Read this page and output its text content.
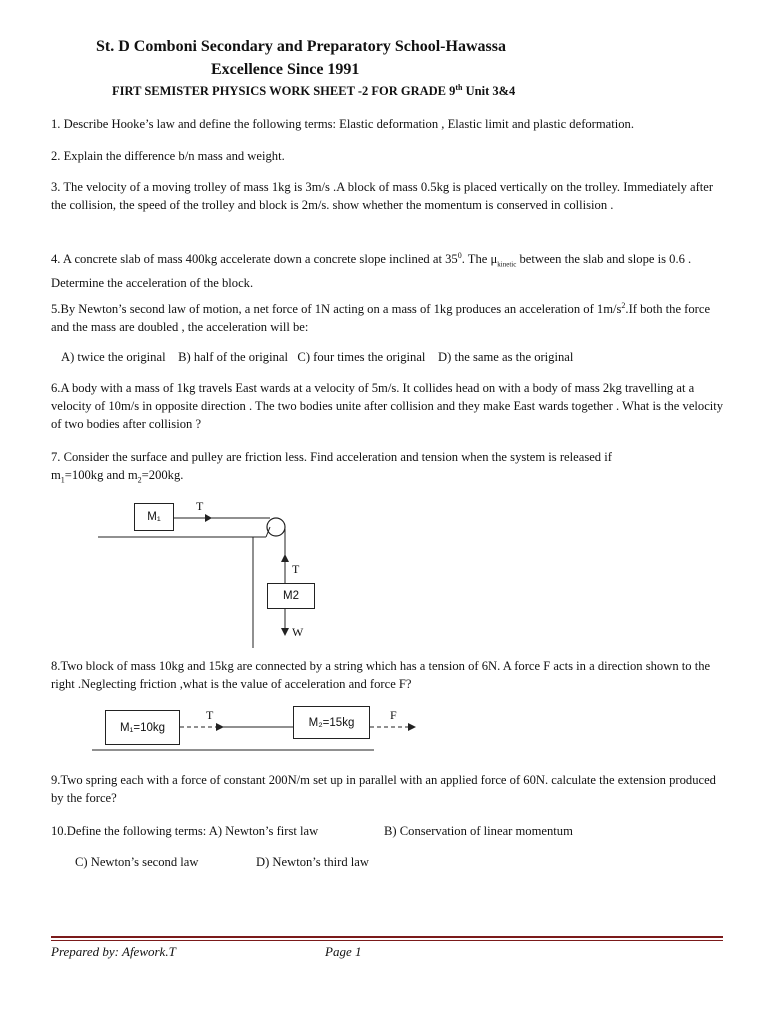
St. D Comboni Secondary and Preparatory School-Hawassa
Excellence Since 1991
FIRT SEMISTER PHYSICS WORK SHEET -2 FOR GRADE 9th Unit 3&4
1. Describe Hooke’s law and define the following terms: Elastic deformation , Elastic limit and plastic deformation.
2. Explain the difference b/n mass and weight.
3. The velocity of a moving trolley of mass 1kg is 3m/s .A block of mass 0.5kg is placed vertically on the trolley. Immediately after the collision, the speed of the trolley and block is 2m/s. show whether the momentum is conserved in collision .
4. A concrete slab of mass 400kg accelerate down a concrete slope inclined at $35^0$. The $\mu_{kinetic}$ between the slab and slope is 0.6 . Determine the acceleration of the block.
5.By Newton’s second law of motion, a net force of 1N acting on a mass of 1kg produces an acceleration of $1m/s^2.If$ both the force and the mass are doubled , the acceleration will be:
A) twice the original    B) half of the original   C) four times the original    D) the same as the original
6.A body with a mass of 1kg travels East wards at a velocity of 5m/s. It collides head on with a body of mass 2kg travelling at a velocity of 10m/s in opposite direction . The two bodies unite after collision and they make East wards together . What is the velocity of two bodies after collision ?

7. Consider the surface and pulley are friction less. Find acceleration and tension when the system is released if

$m_1=100kg$ and $m_2=200kg$.

M₁
T
T
M2
W
8.Two block of mass 10kg and 15kg are connected by a string which has a tension of 6N. A force F acts in a direction shown to the right .Neglecting friction ,what is the value of acceleration and force F?
M₁=10kg
T
M₂=15kg
F
9.Two spring each with a force of constant 200N/m set up in parallel with an applied force of 60N. calculate the extension produced by the force?
10.Define the following terms: A) Newton’s first law	B) Conservation of linear momentum
C) Newton’s second law	D) Newton’s third law
Prepared by: Afework.T	Page 1
